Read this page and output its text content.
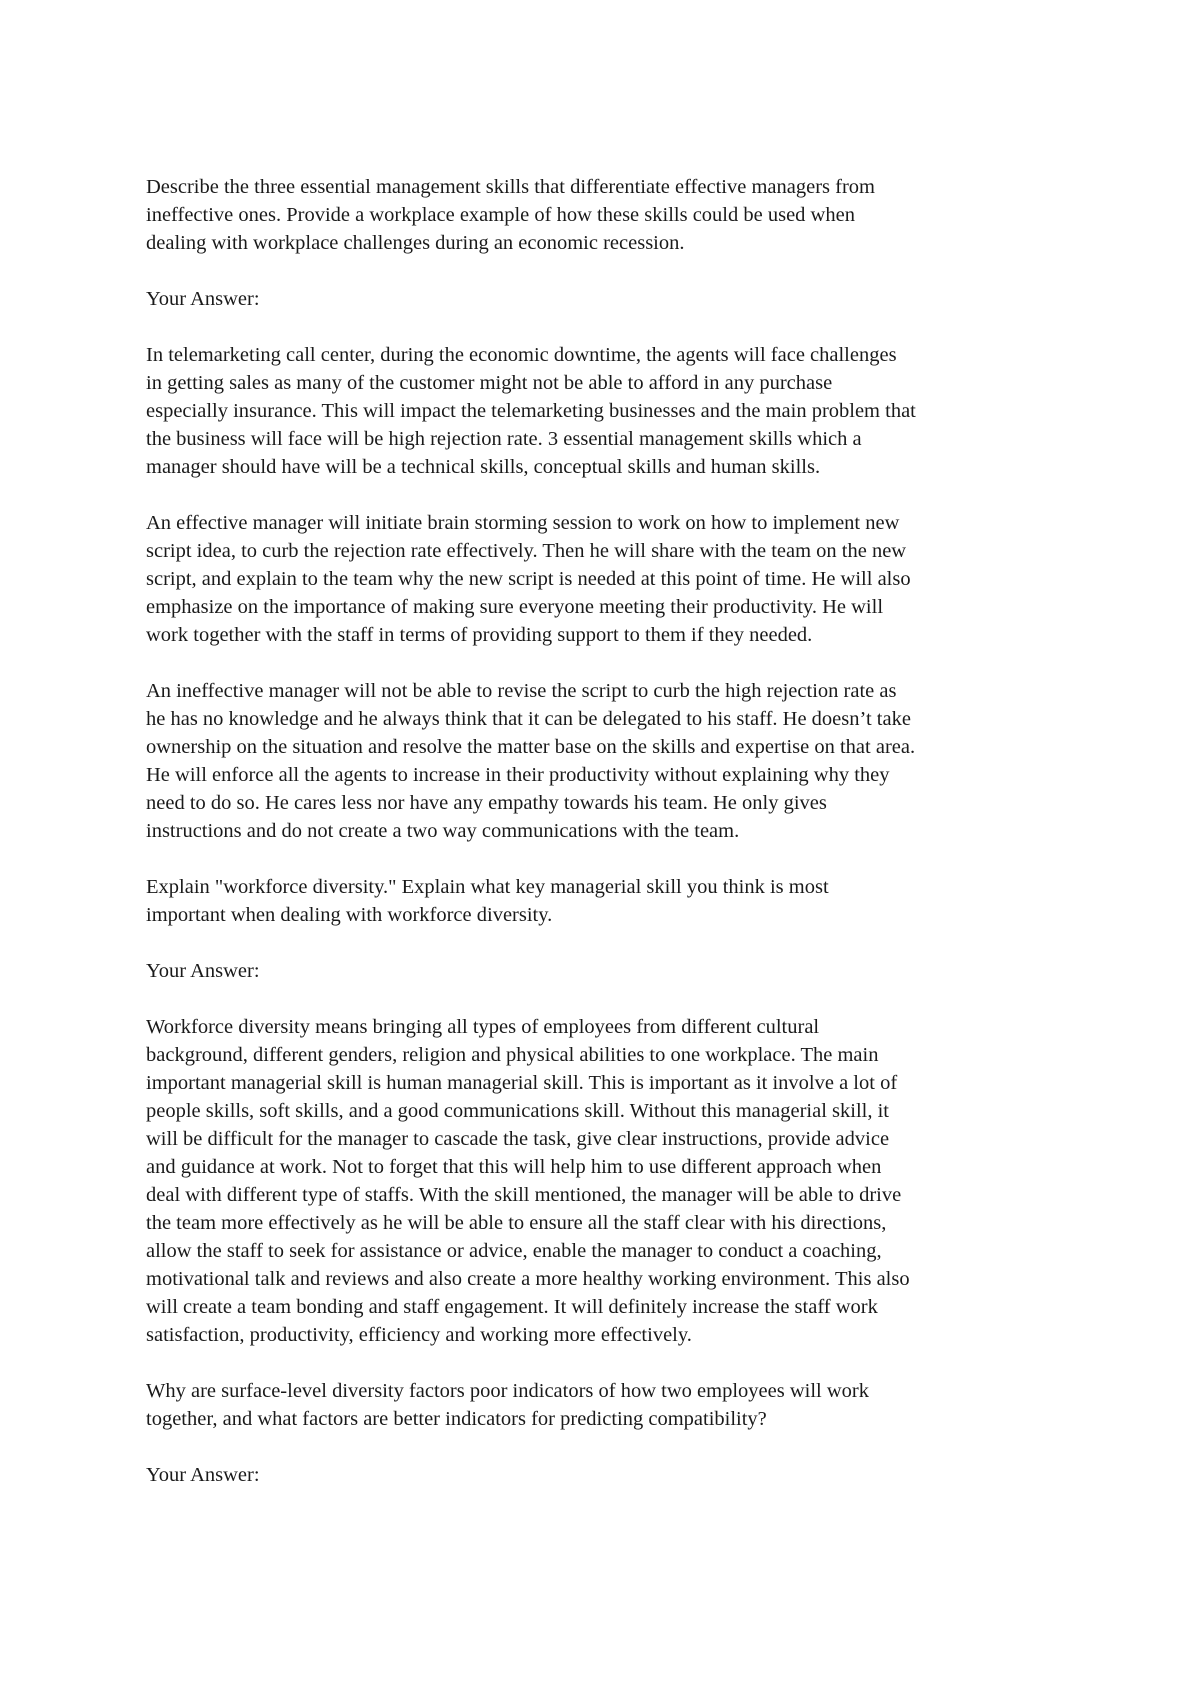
Describe the three essential management skills that differentiate effective managers from
ineffective ones. Provide a workplace example of how these skills could be used when
dealing with workplace challenges during an economic recession.

Your Answer:

In telemarketing call center, during the economic downtime, the agents will face challenges
in getting sales as many of the customer might not be able to afford in any purchase
especially insurance. This will impact the telemarketing businesses and the main problem that
the business will face will be high rejection rate. 3 essential management skills which a
manager should have will be a technical skills, conceptual skills and human skills.

An effective manager will initiate brain storming session to work on how to implement new
script idea, to curb the rejection rate effectively. Then he will share with the team on the new
script, and explain to the team why the new script is needed at this point of time. He will also
emphasize on the importance of making sure everyone meeting their productivity. He will
work together with the staff in terms of providing support to them if they needed.

An ineffective manager will not be able to revise the script to curb the high rejection rate as
he has no knowledge and he always think that it can be delegated to his staff. He doesn’t take
ownership on the situation and resolve the matter base on the skills and expertise on that area.
He will enforce all the agents to increase in their productivity without explaining why they
need to do so. He cares less nor have any empathy towards his team. He only gives
instructions and do not create a two way communications with the team.

Explain "workforce diversity." Explain what key managerial skill you think is most
important when dealing with workforce diversity.

Your Answer:

Workforce diversity means bringing all types of employees from different cultural
background, different genders, religion and physical abilities to one workplace. The main
important managerial skill is human managerial skill. This is important as it involve a lot of
people skills, soft skills, and a good communications skill. Without this managerial skill, it
will be difficult for the manager to cascade the task, give clear instructions, provide advice
and guidance at work. Not to forget that this will help him to use different approach when
deal with different type of staffs. With the skill mentioned, the manager will be able to drive
the team more effectively as he will be able to ensure all the staff clear with his directions,
allow the staff to seek for assistance or advice, enable the manager to conduct a coaching,
motivational talk and reviews and also create a more healthy working environment. This also
will create a team bonding and staff engagement. It will definitely increase the staff work
satisfaction, productivity, efficiency and working more effectively.

Why are surface-level diversity factors poor indicators of how two employees will work
together, and what factors are better indicators for predicting compatibility?

Your Answer:
